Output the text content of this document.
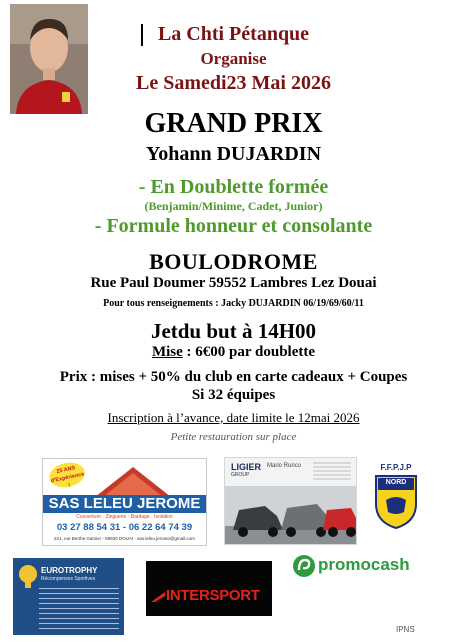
La Chti Pétanque
Organise
Le Samedi23 Mai 2026
GRAND PRIX
Yohann DUJARDIN
- En Doublette formée
(Benjamin/Minime, Cadet, Junior)
- Formule honneur et consolante
BOULODROME
Rue Paul Doumer 59552 Lambres Lez Douai
Pour tous renseignements : Jacky DUJARDIN 06/19/69/60/11
Jetdu but à 14H00
Mise : 6€00 par doublette
Prix : mises + 50% du club en carte cadeaux + Coupes
Si 32 équipes
Inscription à l’avance, date limite le 12mai 2026
Petite restauration sur place
25 ANS d'Expérience !
SAS LELEU JEROME
Couverture · Zinguerie · Bardage · Isolation
03 27 88 54 31 - 06 22 64 74 39
221, rue Berthe Gamier - 59500 DOUAI · sas.leleu.jerome@gmail.com
LIGIER
GROUP
Mario Runco	F.F.P.J.P
NORD
EUROTROPHY
Récompenses Sportives
INTERSPORT
promocash
IPNS
